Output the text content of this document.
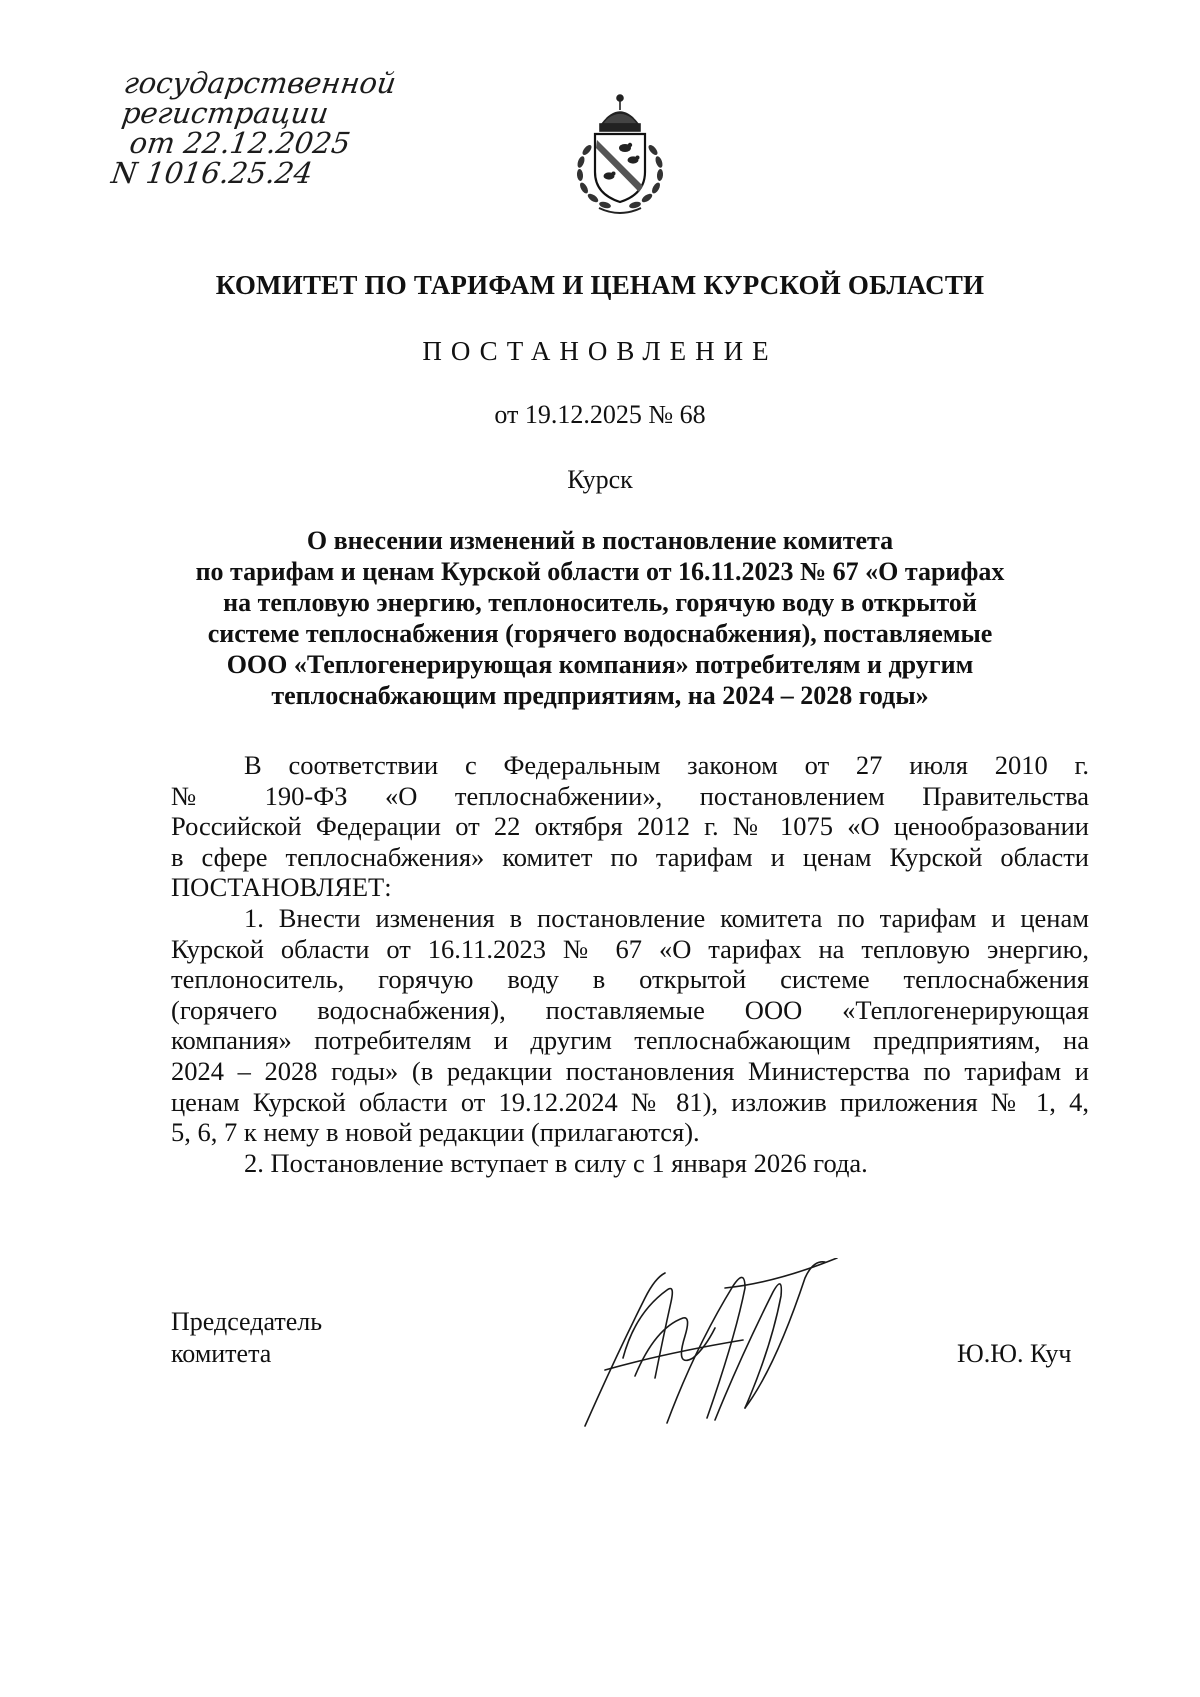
государственной
регистрации
от 22.12.2025
N 1016.25.24

КОМИТЕТ ПО ТАРИФАМ И ЦЕНАМ КУРСКОЙ ОБЛАСТИ

ПОСТАНОВЛЕНИЕ

от 19.12.2025 № 68

Курск

О внесении изменений в постановление комитета
по тарифам и ценам Курской области от 16.11.2023 № 67 «О тарифах
на тепловую энергию, теплоноситель, горячую воду в открытой
системе теплоснабжения (горячего водоснабжения), поставляемые
ООО «Теплогенерирующая компания» потребителям и другим
теплоснабжающим предприятиям, на 2024 – 2028 годы»
В соответствии с Федеральным законом от 27 июля 2010 г.
№ 190-ФЗ «О теплоснабжении», постановлением Правительства
Российской Федерации от 22 октября 2012 г. № 1075 «О ценообразовании
в сфере теплоснабжения» комитет по тарифам и ценам Курской области
ПОСТАНОВЛЯЕТ:
1. Внести изменения в постановление комитета по тарифам и ценам
Курской области от 16.11.2023 № 67 «О тарифах на тепловую энергию,
теплоноситель, горячую воду в открытой системе теплоснабжения
(горячего водоснабжения), поставляемые ООО «Теплогенерирующая
компания» потребителям и другим теплоснабжающим предприятиям, на
2024 – 2028 годы» (в редакции постановления Министерства по тарифам и
ценам Курской области от 19.12.2024 № 81), изложив приложения № 1, 4,
5, 6, 7 к нему в новой редакции (прилагаются).
2. Постановление вступает в силу с 1 января 2026 года.
Председатель
комитета	Ю.Ю. Куч
